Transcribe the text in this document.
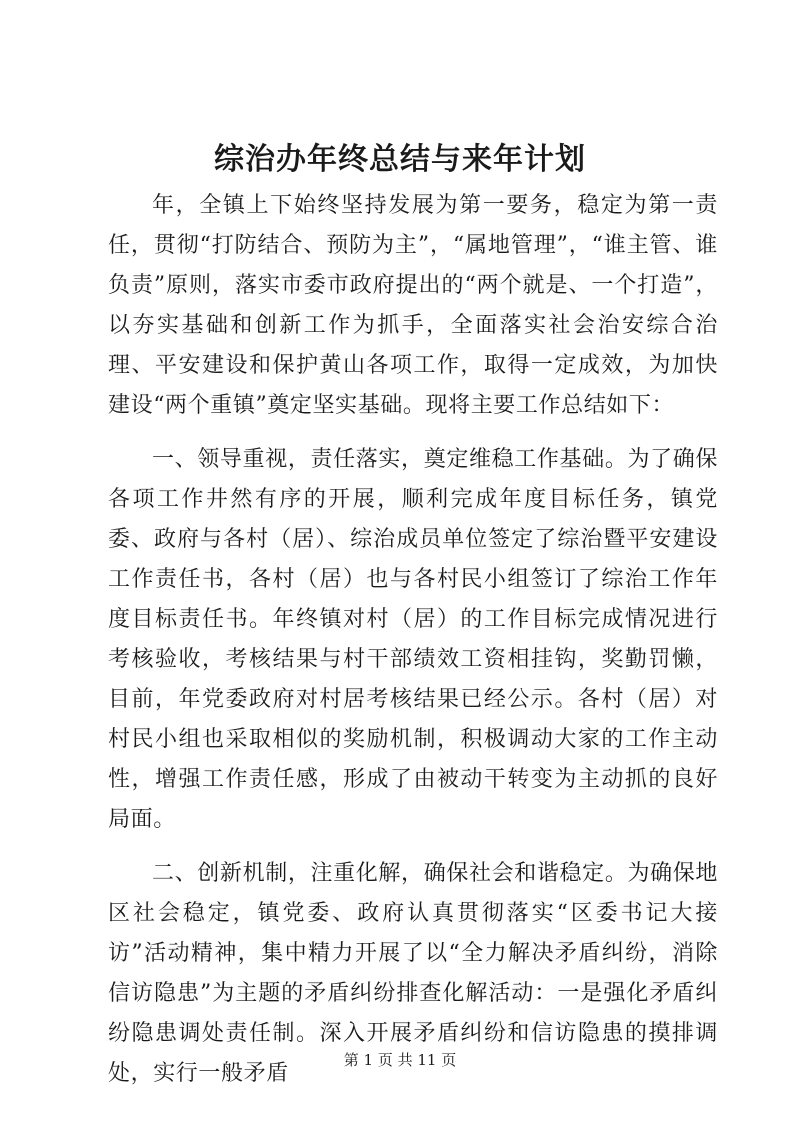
综治办年终总结与来年计划

年，全镇上下始终坚持发展为第一要务，稳定为第一责任，贯彻“打防结合、预防为主”，“属地管理”，“谁主管、谁负责”原则，落实市委市政府提出的“两个就是、一个打造”，以夯实基础和创新工作为抓手，全面落实社会治安综合治理、平安建设和保护黄山各项工作，取得一定成效，为加快建设“两个重镇”奠定坚实基础。现将主要工作总结如下：

一、领导重视，责任落实，奠定维稳工作基础。为了确保各项工作井然有序的开展，顺利完成年度目标任务，镇党委、政府与各村（居）、综治成员单位签定了综治暨平安建设工作责任书，各村（居）也与各村民小组签订了综治工作年度目标责任书。年终镇对村（居）的工作目标完成情况进行考核验收，考核结果与村干部绩效工资相挂钩，奖勤罚懒，目前，年党委政府对村居考核结果已经公示。各村（居）对村民小组也采取相似的奖励机制，积极调动大家的工作主动性，增强工作责任感，形成了由被动干转变为主动抓的良好局面。

二、创新机制，注重化解，确保社会和谐稳定。为确保地区社会稳定，镇党委、政府认真贯彻落实“区委书记大接访”活动精神，集中精力开展了以“全力解决矛盾纠纷，消除信访隐患”为主题的矛盾纠纷排查化解活动：一是强化矛盾纠纷隐患调处责任制。深入开展矛盾纠纷和信访隐患的摸排调处，实行一般矛盾

第 1 页 共 11 页
